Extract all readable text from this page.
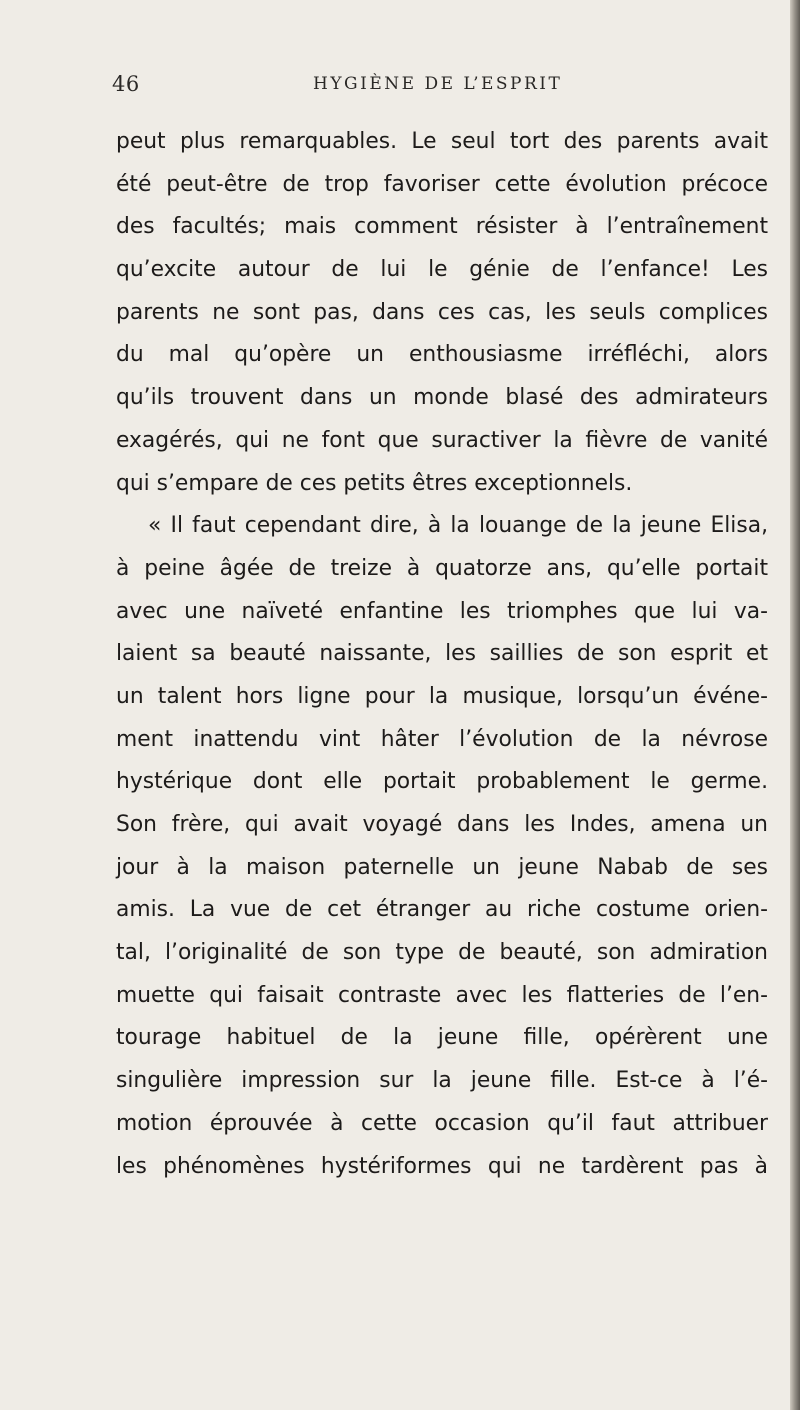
46	HYGIÈNE DE L’ESPRIT
peut plus remarquables. Le seul tort des parents avait
été peut-être de trop favoriser cette évolution précoce
des facultés; mais comment résister à l’entraînement
qu’excite autour de lui le génie de l’enfance! Les
parents ne sont pas, dans ces cas, les seuls complices
du mal qu’opère un enthousiasme irréfléchi, alors
qu’ils trouvent dans un monde blasé des admirateurs
exagérés, qui ne font que suractiver la fièvre de vanité
qui s’empare de ces petits êtres exceptionnels.
« Il faut cependant dire, à la louange de la jeune Elisa,
à peine âgée de treize à quatorze ans, qu’elle portait
avec une naïveté enfantine les triomphes que lui va-
laient sa beauté naissante, les saillies de son esprit et
un talent hors ligne pour la musique, lorsqu’un événe-
ment inattendu vint hâter l’évolution de la névrose
hystérique dont elle portait probablement le germe.
Son frère, qui avait voyagé dans les Indes, amena un
jour à la maison paternelle un jeune Nabab de ses
amis. La vue de cet étranger au riche costume orien-
tal, l’originalité de son type de beauté, son admiration
muette qui faisait contraste avec les flatteries de l’en-
tourage habituel de la jeune fille, opérèrent une
singulière impression sur la jeune fille. Est-ce à l’é-
motion éprouvée à cette occasion qu’il faut attribuer
les phénomènes hystériformes qui ne tardèrent pas à
